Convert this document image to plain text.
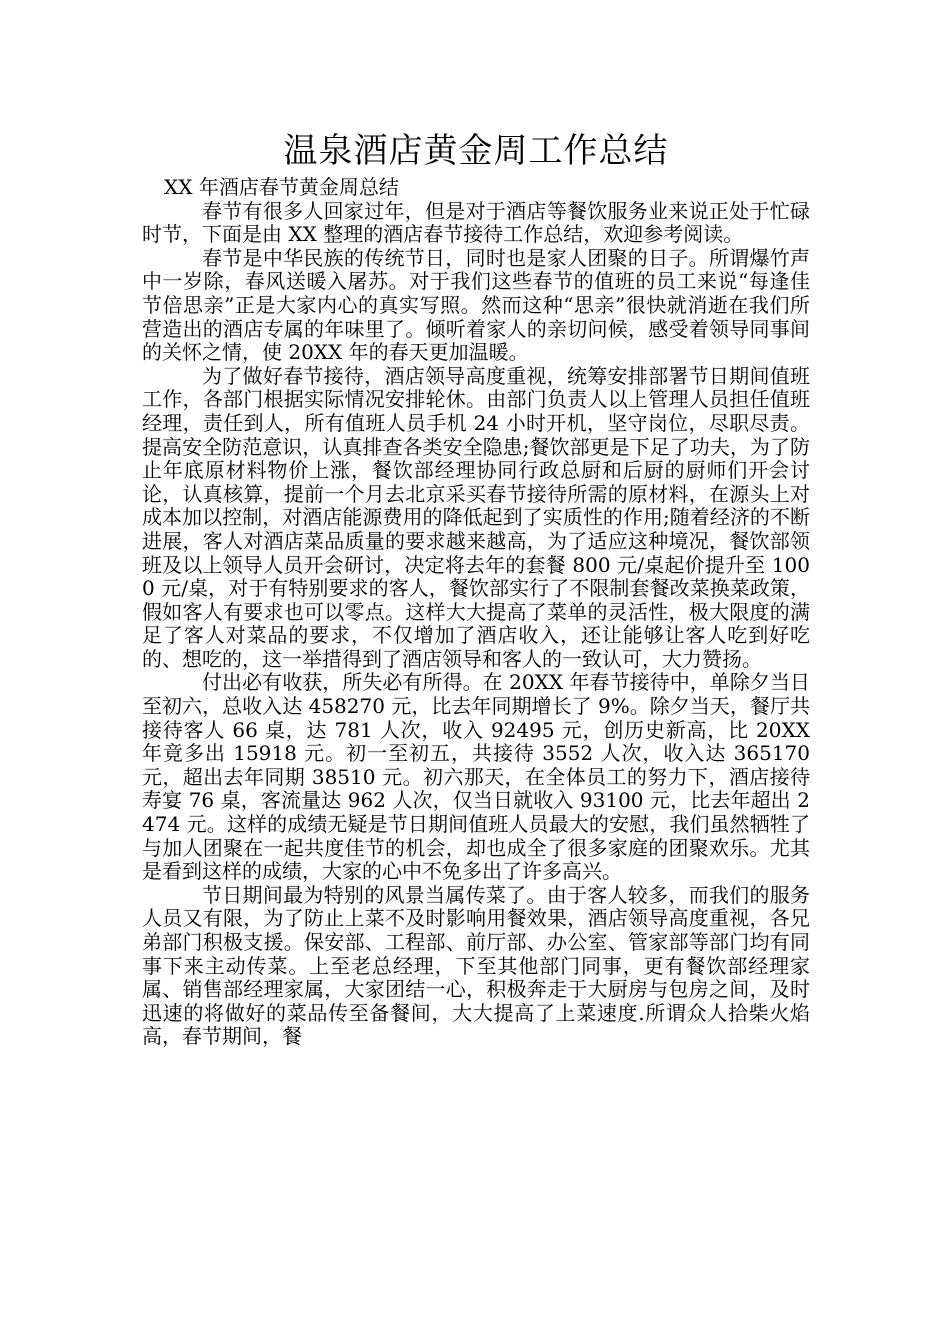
温泉酒店黄金周工作总结

XX 年酒店春节黄金周总结

春节有很多人回家过年，但是对于酒店等餐饮服务业来说正处于忙碌时节，下面是由 XX 整理的酒店春节接待工作总结，欢迎参考阅读。

春节是中华民族的传统节日，同时也是家人团聚的日子。所谓爆竹声中一岁除，春风送暖入屠苏。对于我们这些春节的值班的员工来说“每逢佳节倍思亲”正是大家内心的真实写照。然而这种“思亲”很快就消逝在我们所营造出的酒店专属的年味里了。倾听着家人的亲切问候，感受着领导同事间的关怀之情，使 20XX 年的春天更加温暖。

为了做好春节接待，酒店领导高度重视，统筹安排部署节日期间值班工作，各部门根据实际情况安排轮休。由部门负责人以上管理人员担任值班经理，责任到人，所有值班人员手机 24 小时开机，坚守岗位，尽职尽责。提高安全防范意识，认真排查各类安全隐患;餐饮部更是下足了功夫，为了防止年底原材料物价上涨，餐饮部经理协同行政总厨和后厨的厨师们开会讨论，认真核算，提前一个月去北京采买春节接待所需的原材料，在源头上对成本加以控制，对酒店能源费用的降低起到了实质性的作用;随着经济的不断进展，客人对酒店菜品质量的要求越来越高，为了适应这种境况，餐饮部领班及以上领导人员开会研讨，决定将去年的套餐 800 元/桌起价提升至 1000 元/桌，对于有特别要求的客人，餐饮部实行了不限制套餐改菜换菜政策，假如客人有要求也可以零点。这样大大提高了菜单的灵活性，极大限度的满足了客人对菜品的要求，不仅增加了酒店收入，还让能够让客人吃到好吃的、想吃的，这一举措得到了酒店领导和客人的一致认可，大力赞扬。

付出必有收获，所失必有所得。在 20XX 年春节接待中，单除夕当日至初六，总收入达 458270 元，比去年同期增长了 9%。除夕当天，餐厅共接待客人 66 桌，达 781 人次，收入 92495 元，创历史新高，比 20XX 年竟多出 15918 元。初一至初五，共接待 3552 人次，收入达 365170 元，超出去年同期 38510 元。初六那天，在全体员工的努力下，酒店接待寿宴 76 桌，客流量达 962 人次，仅当日就收入 93100 元，比去年超出 2474 元。这样的成绩无疑是节日期间值班人员最大的安慰，我们虽然牺牲了与加人团聚在一起共度佳节的机会，却也成全了很多家庭的团聚欢乐。尤其是看到这样的成绩，大家的心中不免多出了许多高兴。

节日期间最为特别的风景当属传菜了。由于客人较多，而我们的服务人员又有限，为了防止上菜不及时影响用餐效果，酒店领导高度重视，各兄弟部门积极支援。保安部、工程部、前厅部、办公室、管家部等部门均有同事下来主动传菜。上至老总经理，下至其他部门同事，更有餐饮部经理家属、销售部经理家属，大家团结一心，积极奔走于大厨房与包房之间，及时迅速的将做好的菜品传至备餐间，大大提高了上菜速度.所谓众人拾柴火焰高，春节期间，餐
